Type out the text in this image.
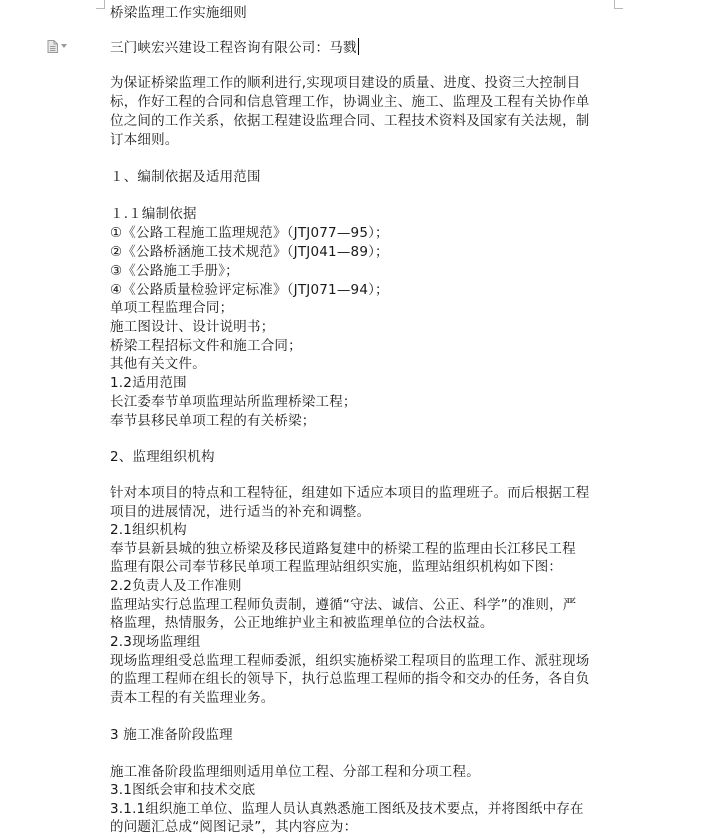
桥梁监理工作实施细则
三门峡宏兴建设工程咨询有限公司：马戮
为保证桥梁监理工作的顺利进行,实现项目建设的质量、进度、投资三大控制目
标，作好工程的合同和信息管理工作，协调业主、施工、监理及工程有关协作单
位之间的工作关系，依据工程建设监理合同、工程技术资料及国家有关法规，制
订本细则。
１、编制依据及适用范围
１.１编制依据
①《公路工程施工监理规范》（JTJ077—95）；
②《公路桥涵施工技术规范》（JTJ041—89）；
③《公路施工手册》；
④《公路质量检验评定标准》（JTJ071—94）；
单项工程监理合同；
施工图设计、设计说明书；
桥梁工程招标文件和施工合同；
其他有关文件。
1.2适用范围
长江委奉节单项监理站所监理桥梁工程；
奉节县移民单项工程的有关桥梁；
2、监理组织机构
针对本项目的特点和工程特征，组建如下适应本项目的监理班子。而后根据工程
项目的进展情况，进行适当的补充和调整。
2.1组织机构
奉节县新县城的独立桥梁及移民道路复建中的桥梁工程的监理由长江移民工程
监理有限公司奉节移民单项工程监理站组织实施，监理站组织机构如下图：
2.2负责人及工作准则
监理站实行总监理工程师负责制，遵循“守法、诚信、公正、科学”的准则，严
格监理，热情服务，公正地维护业主和被监理单位的合法权益。
2.3现场监理组
现场监理组受总监理工程师委派，组织实施桥梁工程项目的监理工作、派驻现场
的监理工程师在组长的领导下，执行总监理工程师的指令和交办的任务，各自负
责本工程的有关监理业务。
3 施工准备阶段监理
施工准备阶段监理细则适用单位工程、分部工程和分项工程。
3.1图纸会审和技术交底
3.1.1组织施工单位、监理人员认真熟悉施工图纸及技术要点，并将图纸中存在
的问题汇总成“阅图记录”，其内容应为：
